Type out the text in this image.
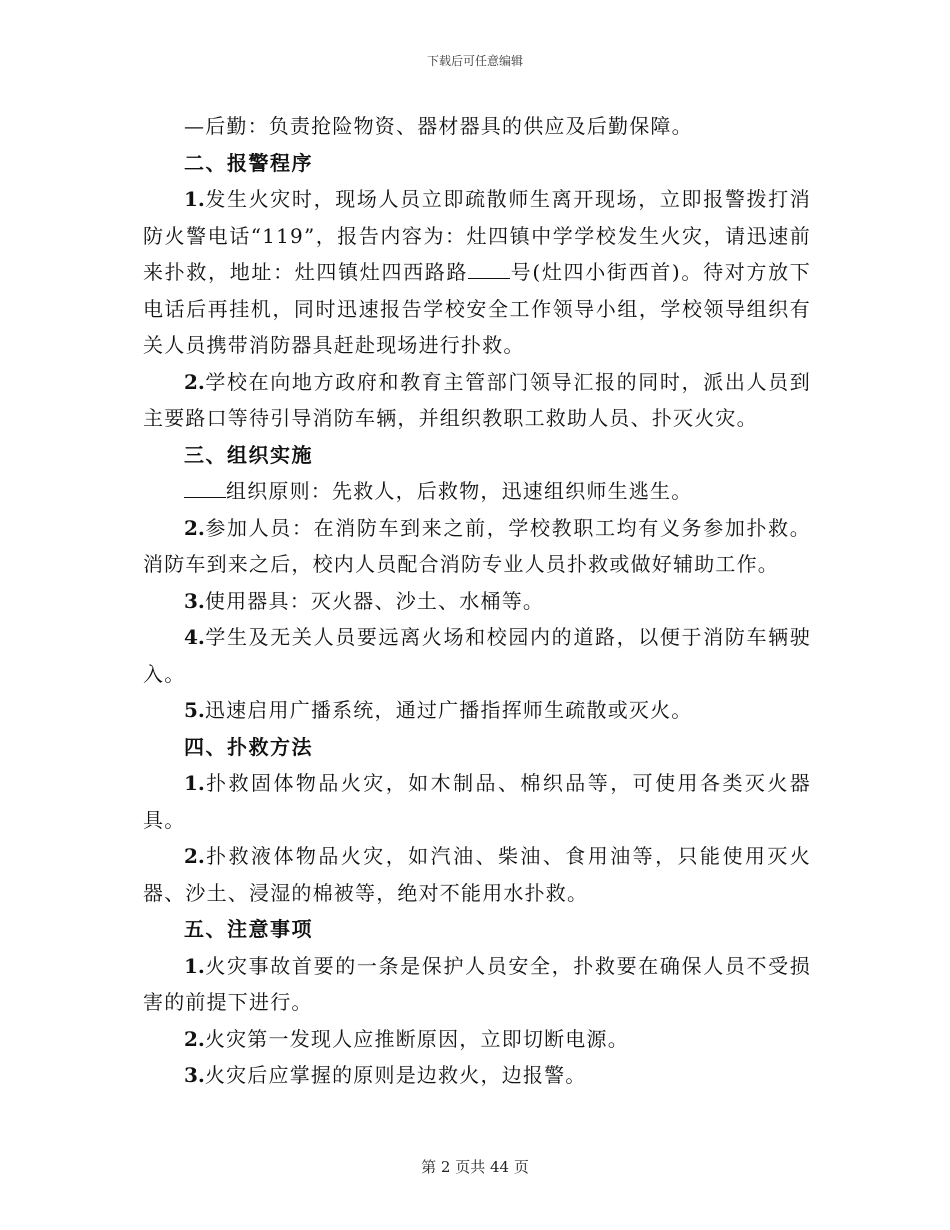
下载后可任意编辑

—后勤：负责抢险物资、器材器具的供应及后勤保障。

二、报警程序

1.发生火灾时，现场人员立即疏散师生离开现场，立即报警拨打消防火警电话“119”，报告内容为：灶四镇中学学校发生火灾，请迅速前来扑救，地址：灶四镇灶四西路路 号(灶四小街西首)。待对方放下电话后再挂机，同时迅速报告学校安全工作领导小组，学校领导组织有关人员携带消防器具赶赴现场进行扑救。

2.学校在向地方政府和教育主管部门领导汇报的同时，派出人员到主要路口等待引导消防车辆，并组织教职工救助人员、扑灭火灾。

三、组织实施

组织原则：先救人，后救物，迅速组织师生逃生。

2.参加人员：在消防车到来之前，学校教职工均有义务参加扑救。消防车到来之后，校内人员配合消防专业人员扑救或做好辅助工作。

3.使用器具：灭火器、沙土、水桶等。

4.学生及无关人员要远离火场和校园内的道路，以便于消防车辆驶入。

5.迅速启用广播系统，通过广播指挥师生疏散或灭火。

四、扑救方法

1.扑救固体物品火灾，如木制品、棉织品等，可使用各类灭火器具。

2.扑救液体物品火灾，如汽油、柴油、食用油等，只能使用灭火器、沙土、浸湿的棉被等，绝对不能用水扑救。

五、注意事项

1.火灾事故首要的一条是保护人员安全，扑救要在确保人员不受损害的前提下进行。

2.火灾第一发现人应推断原因，立即切断电源。

3.火灾后应掌握的原则是边救火，边报警。

第 2 页共 44 页
